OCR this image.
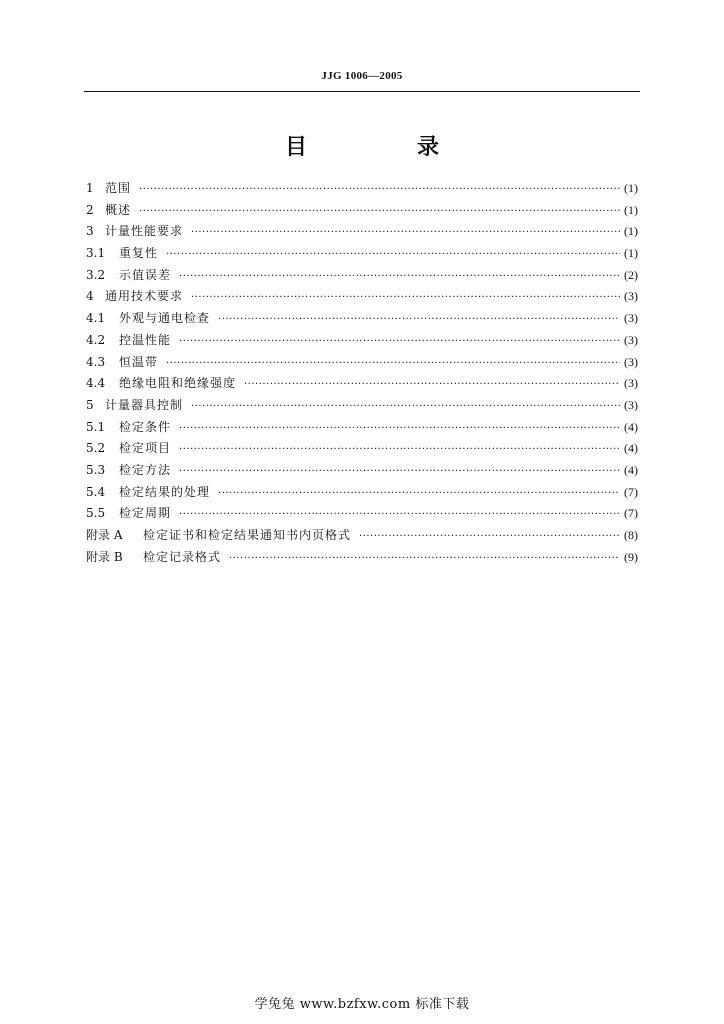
JJG 1006—2005
目　录
1 范围 ·····	(1)
2 概述 ·····	(1)
3 计量性能要求 ·····	(1)
3.1	重复性 ·····	(1)
3.2	示值误差 ·····	(2)
4 通用技术要求 ·····	(3)
4.1	外观与通电检查 ·····	(3)
4.2	控温性能 ·····	(3)
4.3	恒温带 ·····	(3)
4.4	绝缘电阻和绝缘强度 ·····	(3)
5 计量器具控制 ·····	(3)
5.1	检定条件 ·····	(4)
5.2	检定项目 ·····	(4)
5.3	检定方法 ·····	(4)
5.4	检定结果的处理 ·····	(7)
5.5	检定周期 ·····	(7)
附录 A	检定证书和检定结果通知书内页格式 ·····	(8)
附录 B	检定记录格式 ·····	(9)
学兔兔 www.bzfxw.com 标准下载
